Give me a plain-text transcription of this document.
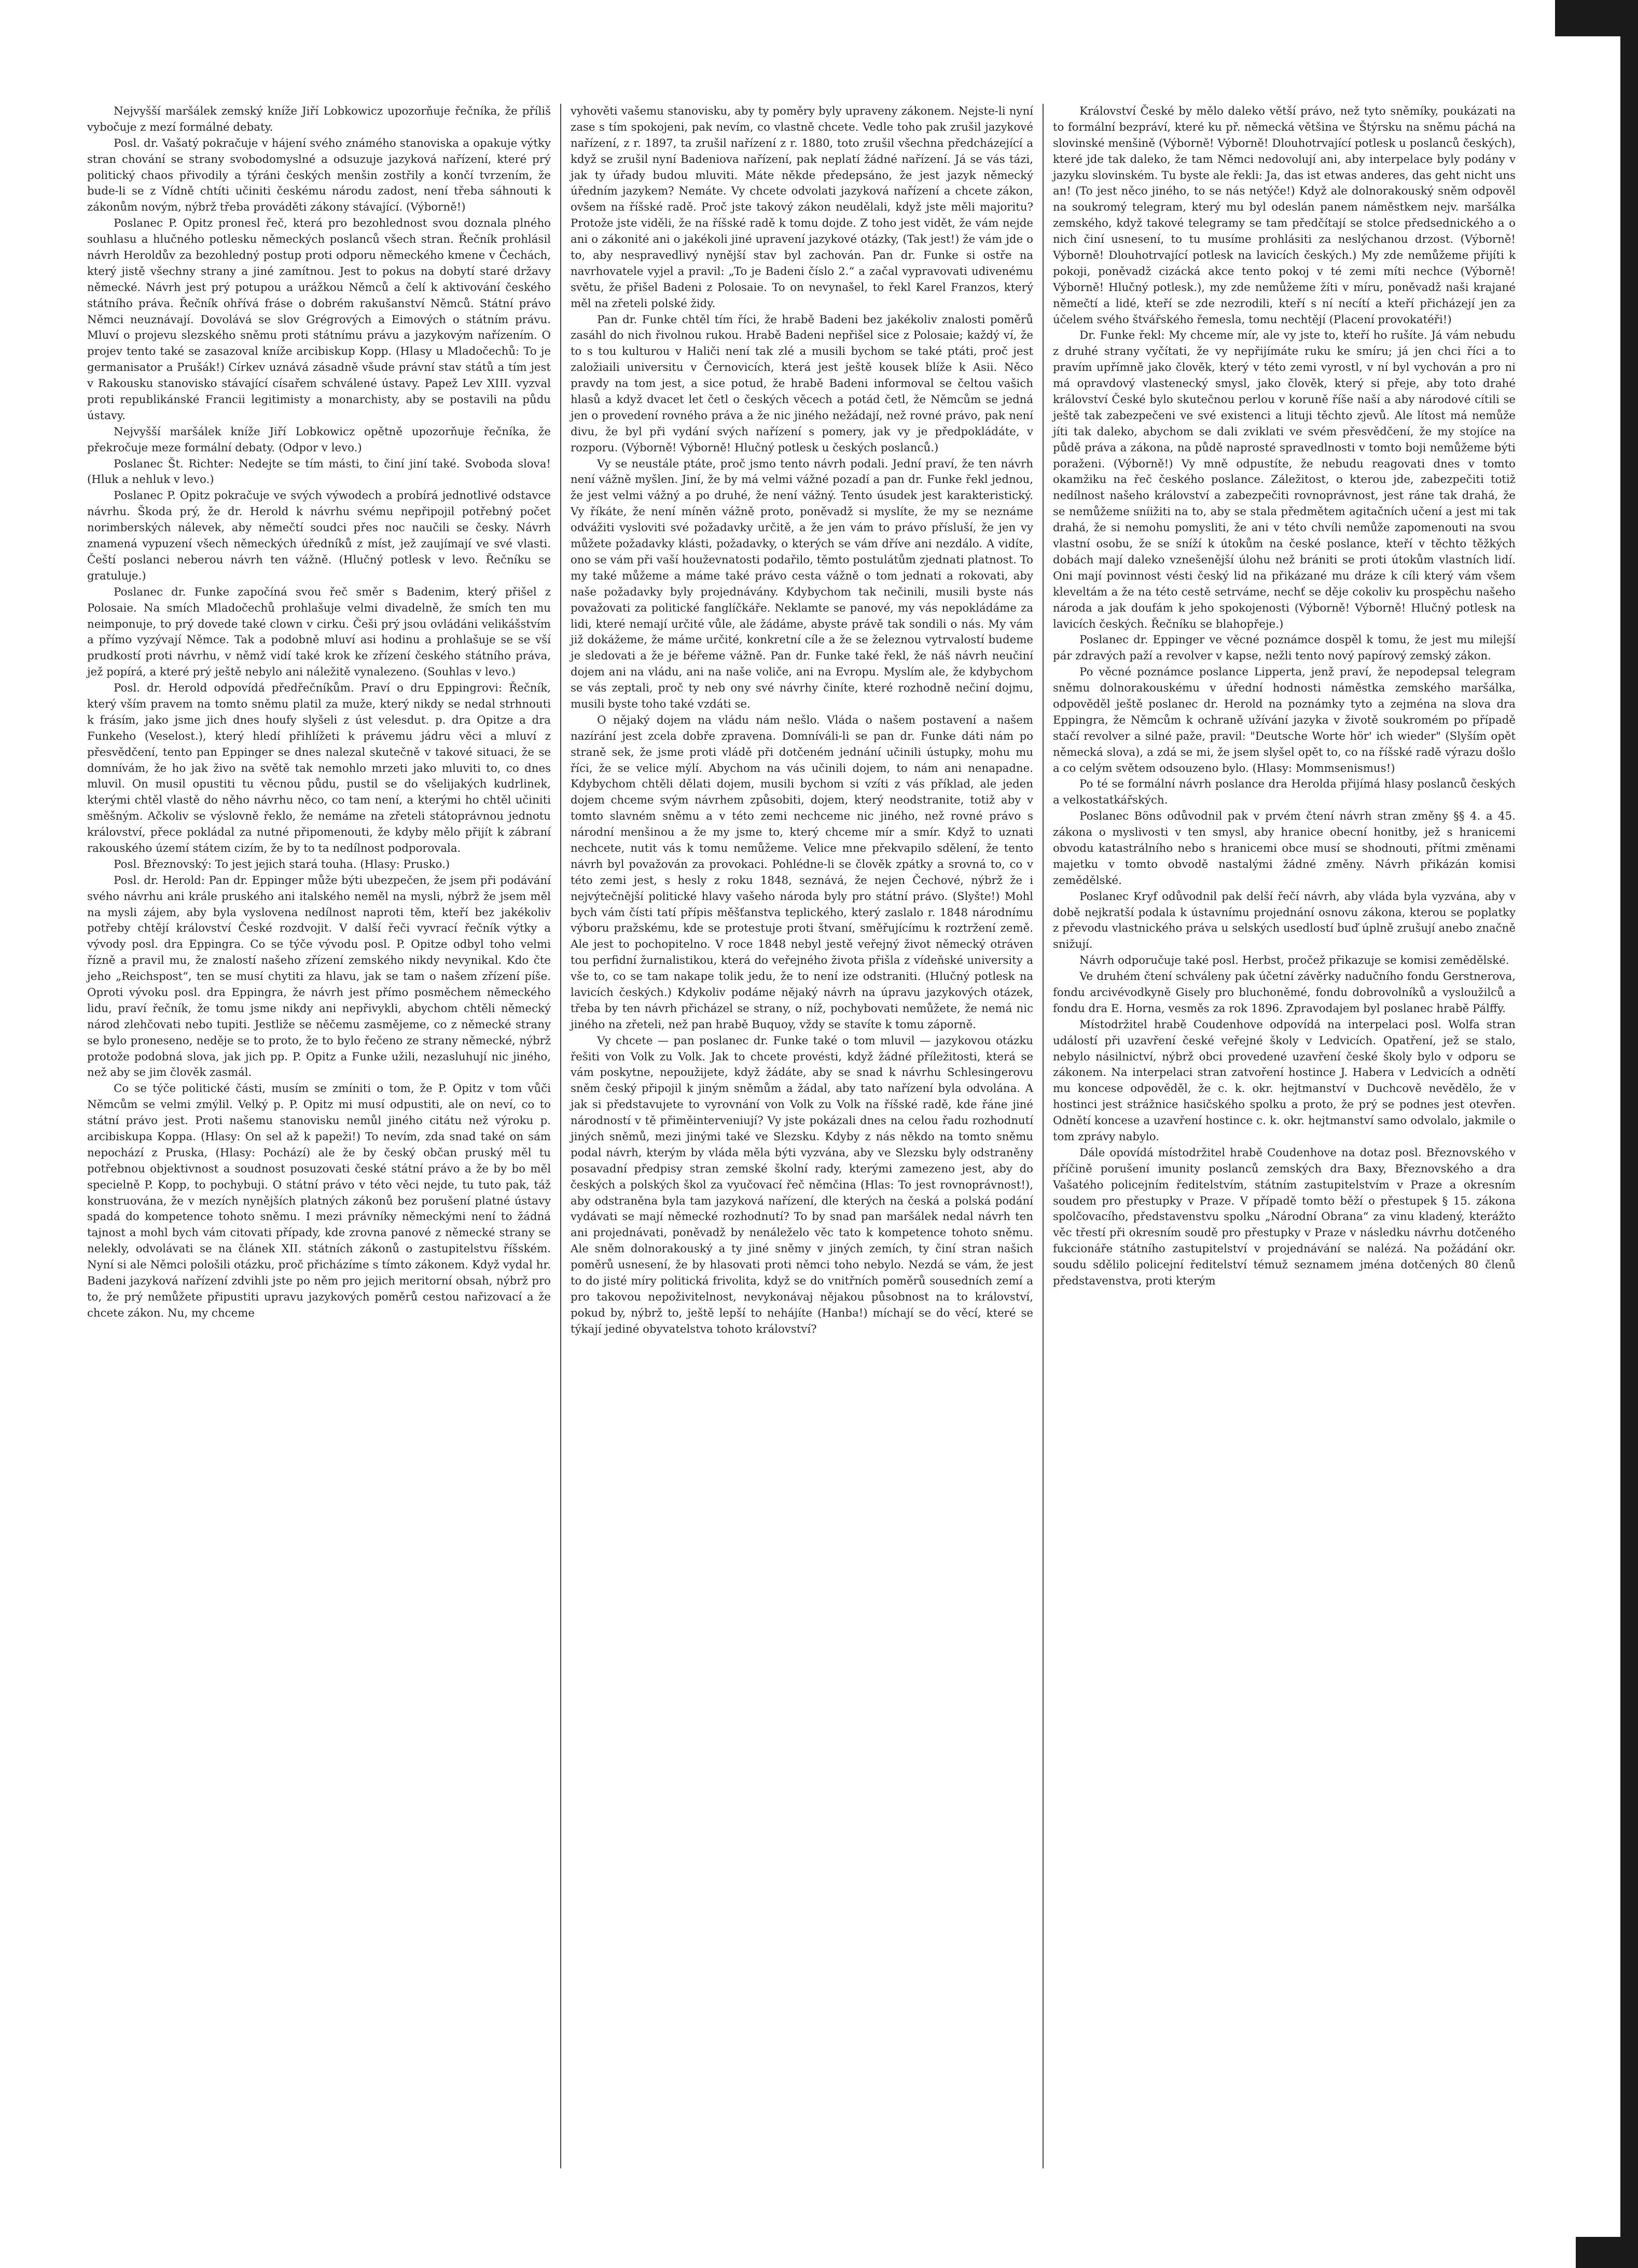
Nejvyšší maršálek zemský kníže Jiří Lobkowicz upozorňuje řečníka, že příliš vybočuje z mezí formálné debaty.

Posl. dr. Vašatý pokračuje v hájení svého známého stanoviska a opakuje výtky stran chování se strany svobodomyslné a odsuzuje jazyková nařízení, které prý politický chaos přivodily a týráni českých menšin zostřily a končí tvrzením, že bude-li se z Vídně chtíti učiniti českému národu zadost, není třeba sáhnouti k zákonům novým, nýbrž třeba prováděti zákony stávající. (Výborně!)

Poslanec P. Opitz pronesl řeč, která pro bezohlednost svou doznala plného souhlasu a hlučného potlesku německých poslanců všech stran. Řečník prohlásil návrh Heroldův za bezohledný postup proti odporu německého kmene v Čechách, který jistě všechny strany a jiné zamítnou. Jest to pokus na dobytí staré državy německé. Návrh jest prý potupou a urážkou Němců a čelí k aktivování českého státního práva. Řečník ohřívá fráse o dobrém rakušanství Němců. Státní právo Němci neuznávají. Dovolává se slov Grégrových a Eimových o státním právu. Mluví o projevu slezského sněmu proti státnímu právu a jazykovým nařízením. O projev tento také se zasazoval kníže arcibiskup Kopp. (Hlasy u Mladočechů: To je germanisator a Prušák!) Církev uznává zásadně všude právní stav států a tím jest v Rakousku stanovisko stávající císařem schválené ústavy. Papež Lev XIII. vyzval proti republikánské Francii legitimisty a monarchisty, aby se postavili na půdu ústavy.

Nejvyšší maršálek kníže Jiří Lobkowicz opětně upozorňuje řečníka, že překročuje meze formální debaty. (Odpor v levo.)

Poslanec Št. Richter: Nedejte se tím másti, to činí jiní také. Svoboda slova! (Hluk a nehluk v levo.)

Poslanec P. Opitz pokračuje ve svých výwodech a probírá jednotlivé odstavce návrhu. Škoda prý, že dr. Herold k návrhu svému nepřipojil potřebný počet norimberských nálevek, aby němečtí soudci přes noc naučili se česky. Návrh znamená vypuzení všech německých úředníků z míst, jež zaujímají ve své vlasti. Čeští poslanci neberou návrh ten vážně. (Hlučný potlesk v levo. Řečníku se gratuluje.)

Poslanec dr. Funke započíná svou řeč směr s Badenim, který přišel z Polosaie. Na smích Mladočechů prohlašuje velmi divadelně, že smích ten mu neimponuje, to prý dovede také clown v cirku. Češi prý jsou ovládáni velikášstvím a přímo vyzývají Němce. Tak a podobně mluví asi hodinu a prohlašuje se se vší prudkostí proti návrhu, v němž vidí také krok ke zřízení českého státního práva, jež popírá, a které prý ještě nebylo ani náležitě vynalezeno. (Souhlas v levo.)

Posl. dr. Herold odpovídá předřečníkům. Praví o dru Eppingrovi: Řečník, který vším pravem na tomto sněmu platil za muže, který nikdy se nedal strhnouti k frásím, jako jsme jich dnes houfy slyšeli z úst velesdut. p. dra Opitze a dra Funkeho (Veselost.), který hledí přihlížeti k právemu jádru věci a mluví z přesvědčení, tento pan Eppinger se dnes nalezal skutečně v takové situaci, že se domnívám, že ho jak živo na světě tak nemohlo mrzeti jako mluviti to, co dnes mluvil. On musil opustiti tu věcnou půdu, pustil se do všelijakých kudrlinek, kterými chtěl vlastě do něho návrhu něco, co tam není, a kterými ho chtěl učiniti směšným. Ačkoliv se výslovně řeklo, že nemáme na zřeteli státoprávnou jednotu království, přece pokládal za nutné připomenouti, že kdyby mělo přijít k zábraní rakouského území státem cizím, že by to ta nedílnost podporovala.

Posl. Březnovský: To jest jejich stará touha. (Hlasy: Prusko.)

Posl. dr. Herold: Pan dr. Eppinger může býti ubezpečen, že jsem při podávání svého návrhu ani krále pruského ani italského neměl na mysli, nýbrž že jsem měl na mysli zájem, aby byla vyslovena nedílnost naproti těm, kteří bez jakékoliv potřeby chtějí království České rozdvojit. V další řeči vyvrací řečník výtky a vývody posl. dra Eppingra. Co se týče vývodu posl. P. Opitze odbyl toho velmi řízně a pravil mu, že znalostí našeho zřízení zemského nikdy nevynikal. Kdo čte jeho „Reichspost“, ten se musí chytiti za hlavu, jak se tam o našem zřízení píše. Oproti vývoku posl. dra Eppingra, že návrh jest přímo posměchem německého lidu, praví řečník, že tomu jsme nikdy ani nepřivykli, abychom chtěli německý národ zlehčovati nebo tupiti. Jestliže se něčemu zasmějeme, co z německé strany se bylo proneseno, neděje se to proto, že to bylo řečeno ze strany německé, nýbrž protože podobná slova, jak jich pp. P. Opitz a Funke užili, nezasluhují nic jiného, než aby se jim člověk zasmál.

Co se týče politické části, musím se zmíniti o tom, že P. Opitz v tom vůči Němcům se velmi zmýlil. Velký p. P. Opitz mi musí odpustiti, ale on neví, co to státní právo jest. Proti našemu stanovisku nemůl jiného citátu než výroku p. arcibiskupa Koppa. (Hlasy: On sel až k papeži!) To nevím, zda snad také on sám nepochází z Pruska, (Hlasy: Pochází) ale že by český občan pruský měl tu potřebnou objektivnost a soudnost posuzovati české státní právo a že by bo měl specielně P. Kopp, to pochybuji. O státní právo v této věci nejde, tu tuto pak, táž konstruována, že v mezích nynějších platných zákonů bez porušení platné ústavy spadá do kompetence tohoto sněmu. I mezi právníky německými není to žádná tajnost a mohl bych vám citovati případy, kde zrovna panové z německé strany se nelekly, odvolávati se na článek XII. státních zákonů o zastupitelstvu říšském. Nyní si ale Němci pološili otázku, proč přicházíme s tímto zákonem. Když vydal hr. Badeni jazyková nařízení zdvihli jste po něm pro jejich meritorní obsah, nýbrž pro to, že prý nemůžete připustiti upravu jazykových poměrů cestou nařizovací a že chcete zákon. Nu, my chceme

vyhověti vašemu stanovisku, aby ty poměry byly upraveny zákonem. Nejste-li nyní zase s tím spokojeni, pak nevím, co vlastně chcete. Vedle toho pak zrušil jazykové nařízení, z r. 1897, ta zrušil nařízení z r. 1880, toto zrušil všechna předcházející a když se zrušil nyní Badeniova nařízení, pak neplatí žádné nařízení. Já se vás tázi, jak ty úřady budou mluviti. Máte někde předepsáno, že jest jazyk německý úředním jazykem? Nemáte. Vy chcete odvolati jazyková nařízení a chcete zákon, ovšem na říšské radě. Proč jste takový zákon neudělali, když jste měli majoritu? Protože jste viděli, že na říšské radě k tomu dojde. Z toho jest vidět, že vám nejde ani o zákonité ani o jakékoli jiné upravení jazykové otázky, (Tak jest!) že vám jde o to, aby nespravedlivý nynější stav byl zachován. Pan dr. Funke si ostře na navrhovatele vyjel a pravil: „To je Badeni číslo 2.“ a začal vypravovati udivenému světu, že přišel Badeni z Polosaie. To on nevynašel, to řekl Karel Franzos, který měl na zřeteli polské židy.

Pan dr. Funke chtěl tím říci, že hrabě Badeni bez jakékoliv znalosti poměrů zasáhl do nich řivolnou rukou. Hrabě Badeni nepřišel sice z Polosaie; každý ví, že to s tou kulturou v Haliči není tak zlé a musili bychom se také ptáti, proč jest založiaili universitu v Černovicích, která jest ještě kousek blíže k Asii. Něco pravdy na tom jest, a sice potud, že hrabě Badeni informoval se čeltou vašich hlasů a když dvacet let četl o českých věcech a potád četl, že Němcům se jedná jen o provedení rovného práva a že nic jiného nežádají, než rovné právo, pak není divu, že byl při vydání svých nařízení s pomery, jak vy je předpokládáte, v rozporu. (Výborně! Výborně! Hlučný potlesk u českých poslanců.)

Vy se neustále ptáte, proč jsmo tento návrh podali. Jední praví, že ten návrh není vážně myšlen. Jiní, že by má velmi vážné pozadí a pan dr. Funke řekl jednou, že jest velmi vážný a po druhé, že není vážný. Tento úsudek jest karakteristický. Vy říkáte, že není míněn vážně proto, poněvadž si myslíte, že my se neznáme odvážiti vysloviti své požadavky určitě, a že jen vám to právo přísluší, že jen vy můžete požadavky klásti, požadavky, o kterých se vám dříve ani nezdálo. A vidíte, ono se vám při vaší houževnatosti podařilo, těmto postulátům zjednati platnost. To my také můžeme a máme také právo cesta vážně o tom jednati a rokovati, aby naše požadavky byly projednávány. Kdybychom tak nečinili, musili byste nás považovati za politické fanglíčkáře. Neklamte se panové, my vás nepokládáme za lidi, které nemají určité vůle, ale žádáme, abyste právě tak sondili o nás. My vám již dokážeme, že máme určité, konkretní cíle a že se železnou vytrvalostí budeme je sledovati a že je béřeme vážně. Pan dr. Funke také řekl, že náš návrh neučiní dojem ani na vládu, ani na naše voliče, ani na Evropu. Myslím ale, že kdybychom se vás zeptali, proč ty neb ony své návrhy činíte, které rozhodně nečiní dojmu, musili byste toho také vzdáti se.

O nějaký dojem na vládu nám nešlo. Vláda o našem postavení a našem nazírání jest zcela dobře zpravena. Domníváli-li se pan dr. Funke dáti nám po straně sek, že jsme proti vládě při dotčeném jednání učinili ústupky, mohu mu říci, že se velice mýlí. Abychom na vás učinili dojem, to nám ani nenapadne. Kdybychom chtěli dělati dojem, musili bychom si vzíti z vás příklad, ale jeden dojem chceme svým návrhem způsobiti, dojem, který neodstranite, totiž aby v tomto slavném sněmu a v této zemi nechceme nic jiného, než rovné právo s národní menšinou a že my jsme to, který chceme mír a smír. Když to uznati nechcete, nutit vás k tomu nemůžeme. Velice mne překvapilo sdělení, že tento návrh byl považován za provokaci. Pohlédne-li se člověk zpátky a srovná to, co v této zemi jest, s hesly z roku 1848, seznává, že nejen Čechové, nýbrž že i nejvýtečnější politické hlavy vašeho národa byly pro státní právo. (Slyšte!) Mohl bych vám čísti tatí přípis měšťanstva teplického, který zaslalo r. 1848 národnímu výboru pražskému, kde se protestuje proti štvaní, směřujícímu k roztržení země. Ale jest to pochopitelno. V roce 1848 nebyl jestě veřejný život německý otráven tou perfidní žurnalistikou, která do veřejného života přišla z vídeňské university a vše to, co se tam nakape tolik jedu, že to není ize odstraniti. (Hlučný potlesk na lavicích českých.) Kdykoliv podáme nějaký návrh na úpravu jazykových otázek, třeba by ten návrh přicházel se strany, o níž, pochybovati nemůžete, že nemá nic jiného na zřeteli, než pan hrabě Buquoy, vždy se stavíte k tomu záporně.

Vy chcete — pan poslanec dr. Funke také o tom mluvil — jazykovou otázku řešiti von Volk zu Volk. Jak to chcete provésti, když žádné příležitosti, která se vám poskytne, nepoužijete, když žádáte, aby se snad k návrhu Schlesingerovu sněm český připojil k jiným sněmům a žádal, aby tato nařízení byla odvolána. A jak si představujete to vyrovnání von Volk zu Volk na říšské radě, kde řáne jiné národností v tě přiměinterveniují? Vy jste pokázali dnes na celou řadu rozhodnutí jiných sněmů, mezi jinými také ve Slezsku. Kdyby z nás někdo na tomto sněmu podal návrh, kterým by vláda měla býti vyzvána, aby ve Slezsku byly odstraněny posavadní předpisy stran zemské školní rady, kterými zamezeno jest, aby do českých a polských škol za vyučovací řeč němčina (Hlas: To jest rovnoprávnost!), aby odstraněna byla tam jazyková nařízení, dle kterých na česká a polská podání vydávati se mají německé rozhodnutí? To by snad pan maršálek nedal návrh ten ani projednávati, poněvadž by nenáleželo věc tato k kompetence tohoto sněmu. Ale sněm dolnorakouský a ty jiné sněmy v jiných zemích, ty činí stran našich poměrů usnesení, že by hlasovati proti němci toho nebylo. Nezdá se vám, že jest to do jisté míry politická frivolita, když se do vnitřních poměrů sousedních zemí a pro takovou nepoživitelnost, nevykonávaj nějakou působnost na to království, pokud by, nýbrž to, ještě lepší to nehájíte (Hanba!) míchají se do věcí, které se týkají jediné obyvatelstva tohoto království?

Království České by mělo daleko větší právo, než tyto sněmíky, poukázati na to formální bezpráví, které ku př. německá většina ve Štýrsku na sněmu páchá na slovinské menšině (Výborně! Výborně! Dlouhotrvající potlesk u poslanců českých), které jde tak daleko, že tam Němci nedovolují ani, aby interpelace byly podány v jazyku slovinském. Tu byste ale řekli: Ja, das ist etwas anderes, das geht nicht uns an! (To jest něco jiného, to se nás netýče!) Když ale dolnorakouský sněm odpověl na soukromý telegram, který mu byl odeslán panem náměstkem nejv. maršálka zemského, když takové telegramy se tam předčítají se stolce předsednického a o nich činí usnesení, to tu musíme prohlásiti za neslýchanou drzost. (Výborně! Výborně! Dlouhotrvající potlesk na lavicích českých.) My zde nemůžeme přijíti k pokoji, poněvadž cizácká akce tento pokoj v té zemi míti nechce (Výborně! Výborně! Hlučný potlesk.), my zde nemůžeme žíti v míru, poněvadž naši krajané němečtí a lidé, kteří se zde nezrodili, kteří s ní necítí a kteří přicházejí jen za účelem svého štvářského řemesla, tomu nechtějí (Placení provokatéři!)

Dr. Funke řekl: My chceme mír, ale vy jste to, kteří ho rušíte. Já vám nebudu z druhé strany vyčítati, že vy nepřijímáte ruku ke smíru; já jen chci říci a to pravím upřímně jako člověk, který v této zemi vyrostl, v ní byl vychován a pro ni má opravdový vlastenecký smysl, jako člověk, který si přeje, aby toto drahé království České bylo skutečnou perlou v koruně říše naší a aby národové cítili se ještě tak zabezpečeni ve své existenci a lituji těchto zjevů. Ale lítost má nemůže jíti tak daleko, abychom se dali zviklati ve svém přesvědčení, že my stojíce na půdě práva a zákona, na půdě naprosté spravedlnosti v tomto boji nemůžeme býti poraženi. (Výborně!) Vy mně odpustíte, že nebudu reagovati dnes v tomto okamžiku na řeč českého poslance. Záležitost, o kterou jde, zabezpečiti totiž nedílnost našeho království a zabezpečiti rovnoprávnost, jest ráne tak drahá, že se nemůžeme sníižiti na to, aby se stala předmětem agitačních učení a jest mi tak drahá, že si nemohu pomysliti, že ani v této chvíli nemůže zapomenouti na svou vlastní osobu, že se sníží k útokům na české poslance, kteří v těchto těžkých dobách mají daleko vznešenější úlohu než brániti se proti útokům vlastních lidí. Oni mají povinnost vésti český lid na přikázané mu dráze k cíli který vám všem kleveltám a že na této cestě setrváme, nechť se děje cokoliv ku prospěchu našeho národa a jak doufám k jeho spokojenosti (Výborně! Výborně! Hlučný potlesk na lavicích českých. Řečníku se blahopřeje.)

Poslanec dr. Eppinger ve věcné poznámce dospěl k tomu, že jest mu milejší pár zdravých paží a revolver v kapse, nežli tento nový papírový zemský zákon.

Po věcné poznámce poslance Lipperta, jenž praví, že nepodepsal telegram sněmu dolnorakouskému v úřední hodnosti náměstka zemského maršálka, odpověděl ještě poslanec dr. Herold na poznámky tyto a zejména na slova dra Eppingra, že Němcům k ochraně užívání jazyka v životě soukromém po případě stačí revolver a silné paže, pravil: "Deutsche Worte hör' ich wieder" (Slyším opět německá slova), a zdá se mi, že jsem slyšel opět to, co na říšské radě výrazu došlo a co celým světem odsouzeno bylo. (Hlasy: Mommsenismus!)

Po té se formální návrh poslance dra Herolda přijímá hlasy poslanců českých a velkostatkářských.

Poslanec Böns odůvodnil pak v prvém čtení návrh stran změny §§ 4. a 45. zákona o myslivosti v ten smysl, aby hranice obecní honitby, jež s hranicemi obvodu katastrálního nebo s hranicemi obce musí se shodnouti, přítmi změnami majetku v tomto obvodě nastalými žádné změny. Návrh přikázán komisi zemědělské.

Poslanec Kryf odůvodnil pak delší řečí návrh, aby vláda byla vyzvána, aby v době nejkratší podala k ústavnímu projednání osnovu zákona, kterou se poplatky z převodu vlastnického práva u selských usedlostí buď úplně zrušují anebo značně snižují.

Návrh odporučuje také posl. Herbst, pročež přikazuje se komisi zemědělské.

Ve druhém čtení schváleny pak účetní závěrky nadučního fondu Gerstnerova, fondu arcivévodkyně Gisely pro bluchoněmé, fondu dobrovolníků a vysloužilců a fondu dra E. Horna, vesměs za rok 1896. Zpravodajem byl poslanec hrabě Pálffy.

Místodržitel hrabě Coudenhove odpovídá na interpelaci posl. Wolfa stran událostí při uzavření české veřejné školy v Ledvicích. Opatření, jež se stalo, nebylo násilnictví, nýbrž obci provedené uzavření české školy bylo v odporu se zákonem. Na interpelaci stran zatvoření hostince J. Habera v Ledvicích a odnětí mu koncese odpověděl, že c. k. okr. hejtmanství v Duchcově nevědělo, že v hostinci jest strážnice hasičského spolku a proto, že prý se podnes jest otevřen. Odnětí koncese a uzavření hostince c. k. okr. hejtmanství samo odvolalo, jakmile o tom zprávy nabylo.

Dále opovídá místodržitel hrabě Coudenhove na dotaz posl. Březnovského v příčině porušení imunity poslanců zemských dra Baxy, Březnovského a dra Vašatého policejním ředitelstvím, státním zastupitelstvím v Praze a okresním soudem pro přestupky v Praze. V případě tomto běží o přestupek § 15. zákona spolčovacího, představenstvu spolku „Národní Obrana“ za vinu kladený, kterážto věc třestí při okresním soudě pro přestupky v Praze v následku návrhu dotčeného fukcionáře státního zastupitelství v projednávání se nalézá. Na požádání okr. soudu sdělilo policejní ředitelství témuž seznamem jména dotčených 80 členů představenstva, proti kterým
